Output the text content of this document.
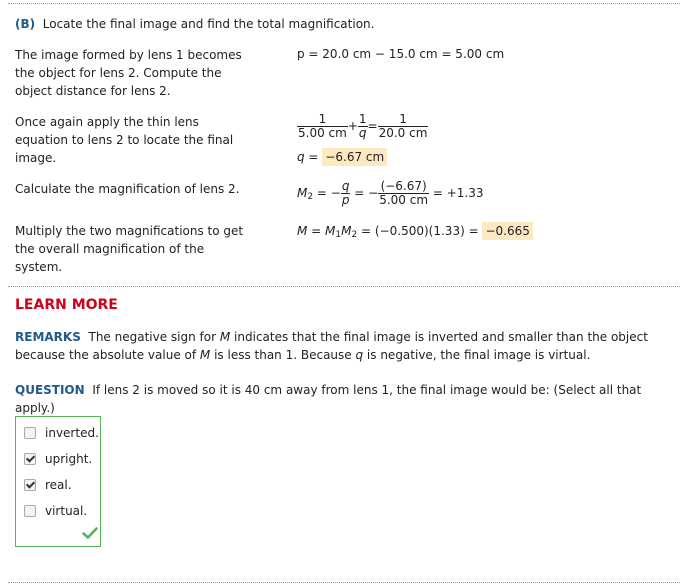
(B) Locate the final image and find the total magnification.
The image formed by lens 1 becomes the object for lens 2. Compute the object distance for lens 2.
p = 20.0 cm − 15.0 cm = 5.00 cm
Once again apply the thin lens equation to lens 2 to locate the final image.
$\frac{1}{5.00 cm} + \frac{1}{q} = \frac{1}{20.0 cm}$
q = −6.67 cm
Calculate the magnification of lens 2.	$M_2$ = − $\frac{q}{p}$ = − $\frac{(-6.67)}{5.00 cm} = +1.33$
Multiply the two magnifications to get the overall magnification of the system.
$M = M_1M_2 = (-0.500)(1.33) = -0.665$
LEARN MORE
REMARKS The negative sign for M indicates that the final image is inverted and smaller than the object because the absolute value of M is less than 1. Because q is negative, the final image is virtual.
QUESTION If lens 2 is moved so it is 40 cm away from lens 1, the final image would be: (Select all that apply.)
inverted.
upright.
real.
virtual.
